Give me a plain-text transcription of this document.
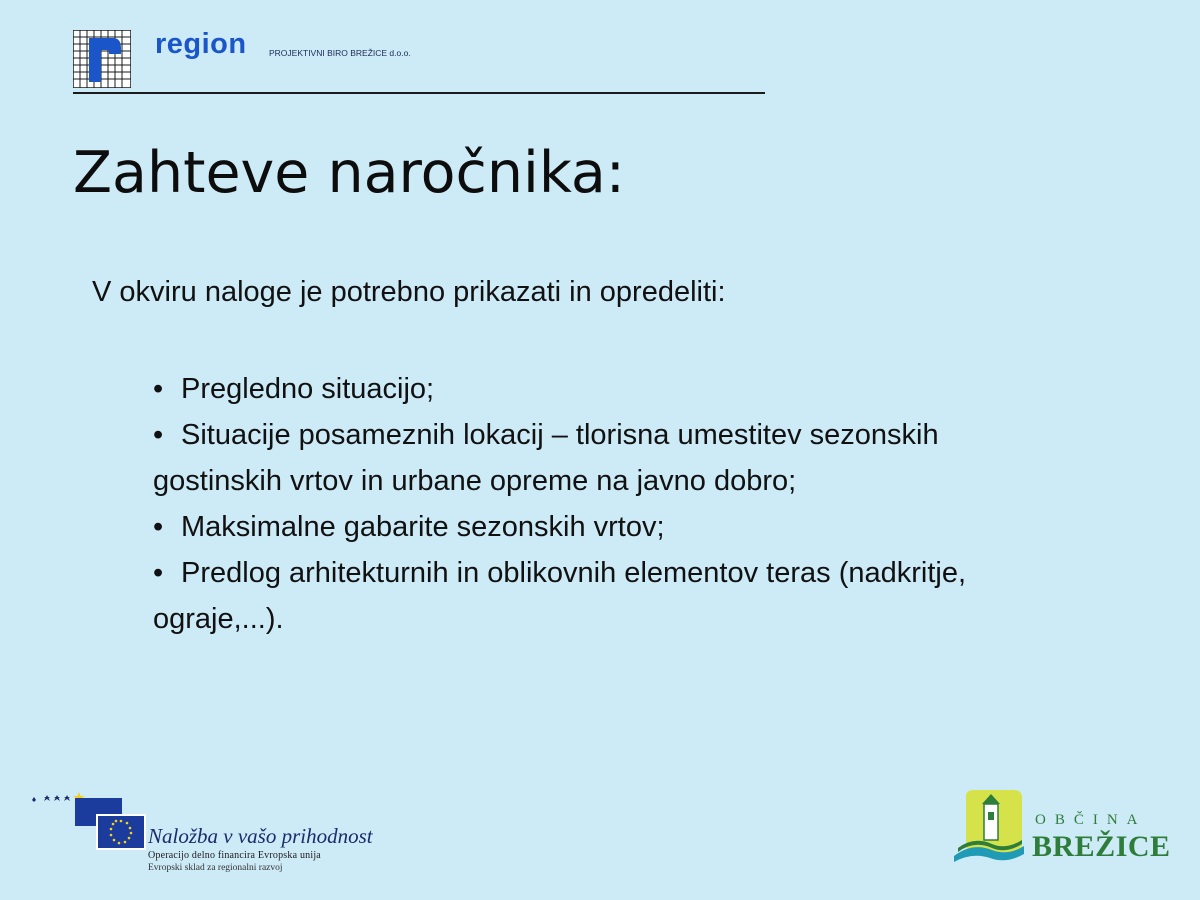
region	PROJEKTIVNI BIRO BREŽICE d.o.o.
Zahteve naročnika:
V okviru naloge je potrebno prikazati in opredeliti:
• Pregledno situacijo;
• Situacije posameznih lokacij – tlorisna umestitev sezonskih
gostinskih vrtov in urbane opreme na javno dobro;
• Maksimalne gabarite sezonskih vrtov;
• Predlog arhitekturnih in oblikovnih elementov teras (nadkritje,
ograje,...).
Naložba v vašo prihodnost
Operacijo delno financira Evropska unija
Evropski sklad za regionalni razvoj
OBČINA
BREŽICE
